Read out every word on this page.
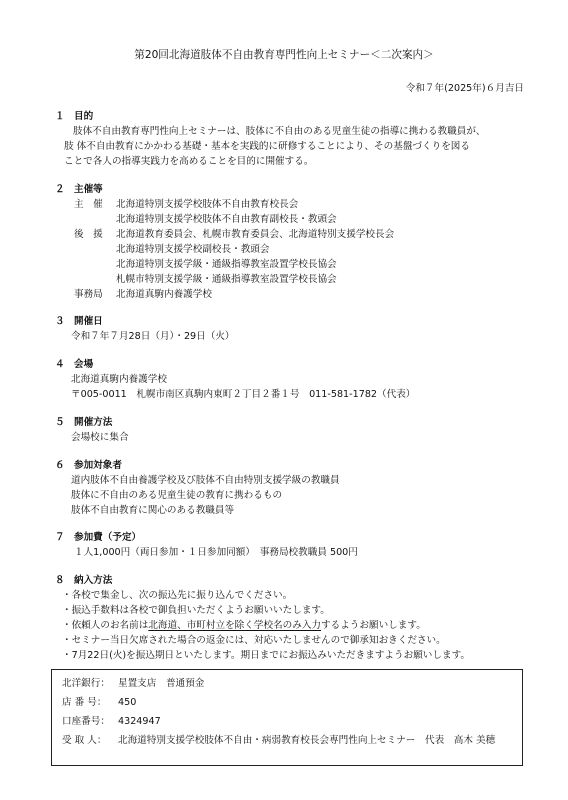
第20回北海道肢体不自由教育専門性向上セミナー＜二次案内＞
令和７年(2025年)６月吉日
１ 目的
肢体不自由教育専門性向上セミナーは、肢体に不自由のある児童生徒の指導に携わる教職員が、
肢 体不自由教育にかかわる基礎・基本を実践的に研修することにより、その基盤づくりを図る
ことで各人の指導実践力を高めることを目的に開催する。
２ 主催等
主　催 北海道特別支援学校肢体不自由教育校長会
北海道特別支援学校肢体不自由教育副校長・教頭会
後　援 北海道教育委員会、札幌市教育委員会、北海道特別支援学校長会
北海道特別支援学校副校長・教頭会
北海道特別支援学級・通級指導教室設置学校長協会
札幌市特別支援学級・通級指導教室設置学校長協会
事務局 北海道真駒内養護学校
３ 開催日
令和７年７月28日（月）・29日（火）
４ 会場
北海道真駒内養護学校
〒005-0011　札幌市南区真駒内東町２丁目２番１号　011-581-1782（代表）
５ 開催方法
会場校に集合
６ 参加対象者
道内肢体不自由養護学校及び肢体不自由特別支援学級の教職員
肢体に不自由のある児童生徒の教育に携わるもの
肢体不自由教育に関心のある教職員等
７ 参加費（予定）
１人1,000円（両日参加・１日参加同額）　事務局校教職員 500円
８ 納入方法
・各校で集金し、次の振込先に振り込んでください。
・振込手数料は各校で御負担いただくようお願いいたします。
・依頼人のお名前は北海道、市町村立を除く学校名のみ入力するようお願いします。
・セミナー当日欠席された場合の返金には、対応いたしませんので御承知おきください。
・7月22日(火)を振込期日といたします。期日までにお振込みいただきますようお願いします。
北洋銀行： 星置支店　普通預金
店 番 号： 450
口座番号： 4324947
受 取 人： 北海道特別支援学校肢体不自由・病弱教育校長会専門性向上セミナー　代表　高木 美穂
